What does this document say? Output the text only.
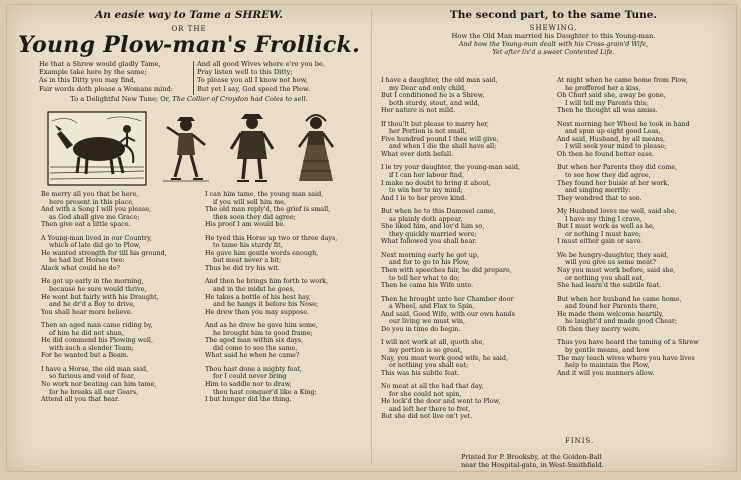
An easie way to Tame a SHREW.
OR THE
Young Plow-man's Frollick.
He that a Shrew would gladly Tame,
Example take here by the same;
As in this Ditty you may find,
Fair words doth please a Womans mind:
And all good Wives where e're you be,
Pray listen well to this Ditty;
To please you all I know not how,
But yet I say, God speed the Plow.
To a Delightful New Tune; Or, The Collier of Croydon had Coles to sell.
Be merry all you that be here,
here present in this place,
And with a Song I will you please,
as God shall give me Grace;
Then give eat a little space.
A Young-man lived in our Country,
which of late did go to Plow,
He wanted strength for till his ground,
he had but Horses two:
Alack what could he do?
He got up early in the morning,
because he sure would thrive,
He went but fairly with his Draught,
and he dr'd a Boy to drive,
You shall hear more believe.
Then an aged man came riding by,
of him he did not shun,
He did commend his Plowing well,
with such a slender Team;
For he wanted but a Beam.
I have a Horse, the old man said,
so furious and void of fear,
No work nor beating can him tame,
for he breaks all our Gears,
Attend all you that hear.
I can him tame, the young man said,
if you will sell him me,
The old man reply'd, the grief is small,
then soon they did agree;
His proof I am would be.
He tyed this Horse up two or three days,
to tame his sturdy fit,
He gave him gentle words enough,
but meat never a bit;
Thus he did try his wit.
And then he brings him forth to work,
and in the midst he goes,
He takes a bottle of his best hay,
and he hangs it before his Nose;
He drew then you may suppose.
And as he drew he gave him some,
he brought him to good frame;
The aged man within six days,
did come to see the same,
What said he when he came?
Thou hast done a mighty feat,
for I could never bring
Him to saddle nor to draw,
thou hast conquer'd like a King;
I but hunger did the thing.
The second part, to the same Tune.
SHEWING,
How the Old Man married his Daughter to this Young-man.
And how the Young-man dealt with his Cross-grain'd Wife,
Yet after liv'd a sweet Contented Life.
I have a daughter, the old man said,
my Dear and only child,
But I conditioned he is a Shrew,
both sturdy, stout, and wild,
Her nature is not mild.
If thou'lt but please to marry her,
her Portion is not small,
Five hundred pound I thee will give,
and when I die the shall have all;
What ever doth befall.
I le try your daughter, the young-man said,
if I can her labour find,
I make no doubt to bring it about,
to win her to my mind;
And I le to her prove kind.
But when he to this Damosel came,
as plainly doth appear,
She liked him, and lov'd him so,
they quickly married were;
What followed you shall hear.
Next morning early he got up,
and for to go to his Plow,
Then with speeches fair, he did prepare,
to tell her what to do;
Then he came his Wife unto.
Then he brought unto her Chamber door
a Wheel, and Flax to Spin,
And said, Good Wife, with our own hands
our living we must win,
Do you in time do begin.
I will not work at all, quoth she,
my portion is so great,
Nay, you must work good wife, he said,
or nothing you shall eat;
This was his subtle feat.
No meat at all the had that day,
for she could not spin,
He lock'd the door and went to Plow,
and left her there to fret,
But she did not live on't yet.
At night when he came home from Plow,
he proffered her a kiss,
Oh Churl said she, away be gone,
I will tell my Parents this;
Then he thought all was amiss.
Next morning her Wheel he took in hand
and spun up eight good Leas,
And said, Husband, by all means,
I will seek your mind to please;
Oh then he found better ease.
But when her Parents they did come,
to see how they did agree,
They found her buisie at her work,
and singing merrily:
They wondred that to see.
My Husband loves me well, said she,
I have my thing I crave,
But I must work as well as he,
or nothing I must have;
I must either gain or save.
We be hungry-daughter, they said,
will you give us some meat?
Nay you must work before, said she,
or nothing you shall eat,
She had learn'd the subtile feat.
But when her husband he came home,
and found her Parents there,
He made them welcome heartily,
he laught'd and made good Chear;
Oh then they merry were.
Thus you have heard the taming of a Shrew
by gentle means, and how
The may teach wives where you have lives
help to maintain the Plow,
And it will you manners allow.
FINIS.
Printed for P. Brooksby, at the Golden-Ball
near the Hospital-gate, in West-Smithfield.
